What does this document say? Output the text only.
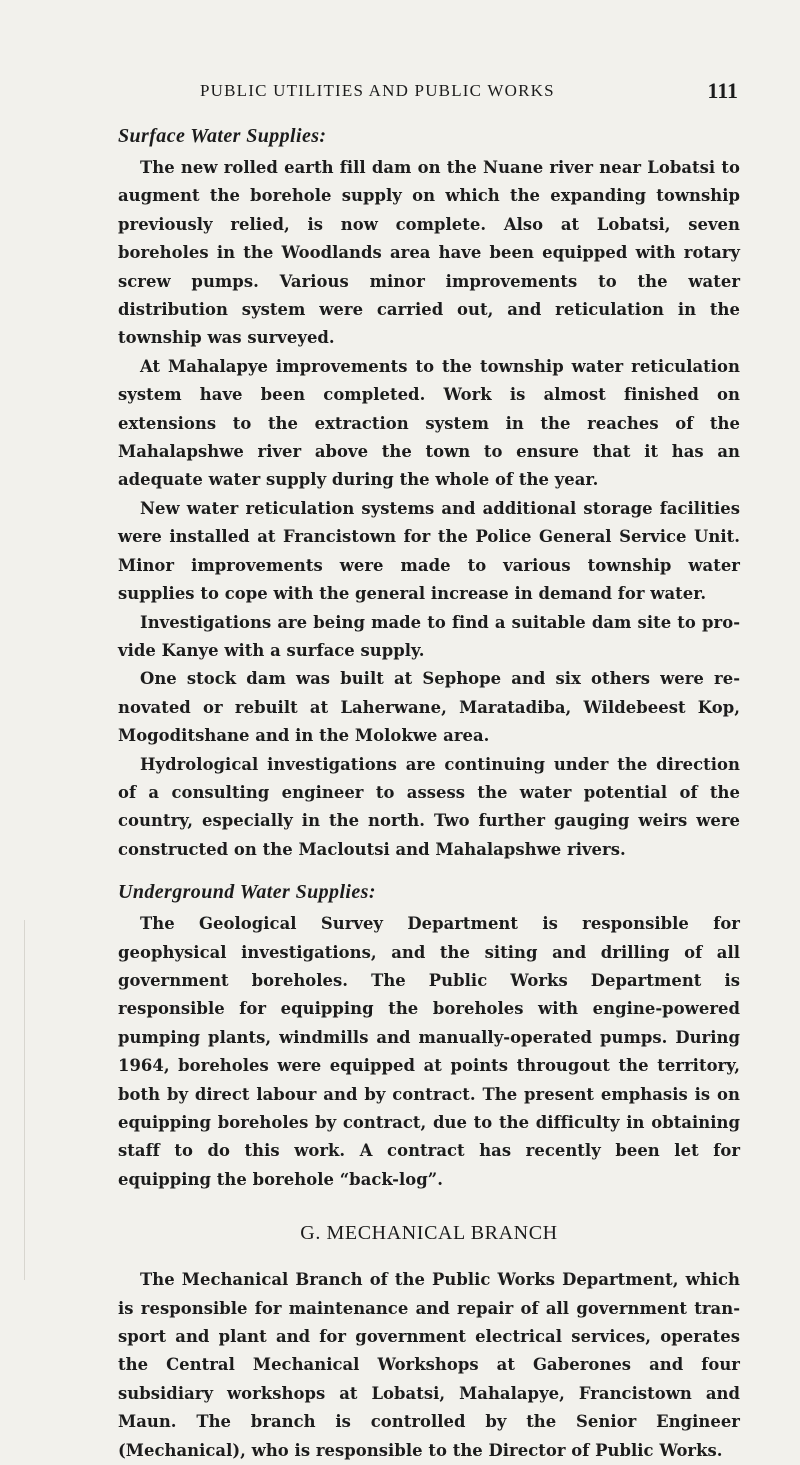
PUBLIC UTILITIES AND PUBLIC WORKS	111
Surface Water Supplies:

The new rolled earth fill dam on the Nuane river near Lobatsi to augment the borehole supply on which the expanding township previously relied, is now complete. Also at Lobatsi, seven boreholes in the Woodlands area have been equipped with rotary screw pumps. Various minor improvements to the water distribution system were carried out, and reticulation in the township was surveyed.

At Mahalapye improvements to the township water reticulation system have been completed. Work is almost finished on extensions to the extraction system in the reaches of the Mahalapshwe river above the town to ensure that it has an adequate water supply during the whole of the year.

New water reticulation systems and additional storage facilities were installed at Francistown for the Police General Service Unit. Minor improvements were made to various township water supplies to cope with the general increase in demand for water.

Investigations are being made to find a suitable dam site to provide Kanye with a surface supply.

One stock dam was built at Sephope and six others were renovated or rebuilt at Laherwane, Maratadiba, Wildebeest Kop, Mogoditshane and in the Molokwe area.

Hydrological investigations are continuing under the direction of a consulting engineer to assess the water potential of the country, especially in the north. Two further gauging weirs were constructed on the Macloutsi and Mahalapshwe rivers.

Underground Water Supplies:

The Geological Survey Department is responsible for geophysical investigations, and the siting and drilling of all government boreholes. The Public Works Department is responsible for equipping the boreholes with engine-powered pumping plants, windmills and manually-operated pumps. During 1964, boreholes were equipped at points througout the territory, both by direct labour and by contract. The present emphasis is on equipping boreholes by contract, due to the difficulty in obtaining staff to do this work. A contract has recently been let for equipping the borehole “back-log”.

G. MECHANICAL BRANCH

The Mechanical Branch of the Public Works Department, which is responsible for maintenance and repair of all government transport and plant and for government electrical services, operates the Central Mechanical Workshops at Gaberones and four subsidiary workshops at Lobatsi, Mahalapye, Francistown and Maun. The branch is controlled by the Senior Engineer (Mechanical), who is responsible to the Director of Public Works.
